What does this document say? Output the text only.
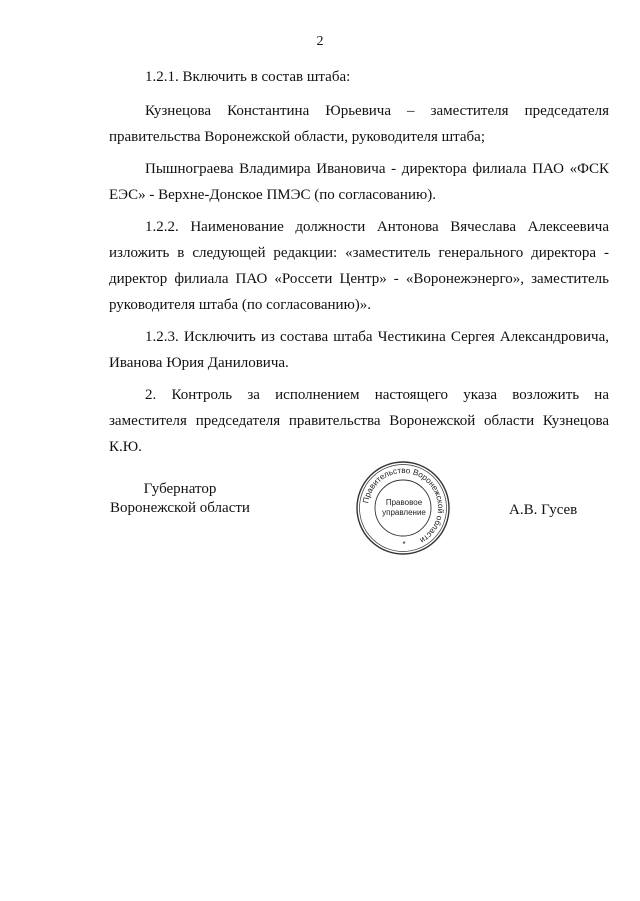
2

1.2.1. Включить в состав штаба:

Кузнецова Константина Юрьевича – заместителя председателя правительства Воронежской области, руководителя штаба;

Пышнограева Владимира Ивановича - директора филиала ПАО «ФСК ЕЭС» - Верхне-Донское ПМЭС (по согласованию).

1.2.2. Наименование должности Антонова Вячеслава Алексеевича изложить в следующей редакции: «заместитель генерального директора - директор филиала ПАО «Россети Центр» - «Воронежэнерго», заместитель руководителя штаба (по согласованию)».

1.2.3. Исключить из состава штаба Честикина Сергея Александровича, Иванова Юрия Даниловича.

2. Контроль за исполнением настоящего указа возложить на заместителя председателя правительства Воронежской области Кузнецова К.Ю.

Губернатор
Воронежской области	Правительство Воронежской области
Правовое
управление
*
А.В. Гусев
